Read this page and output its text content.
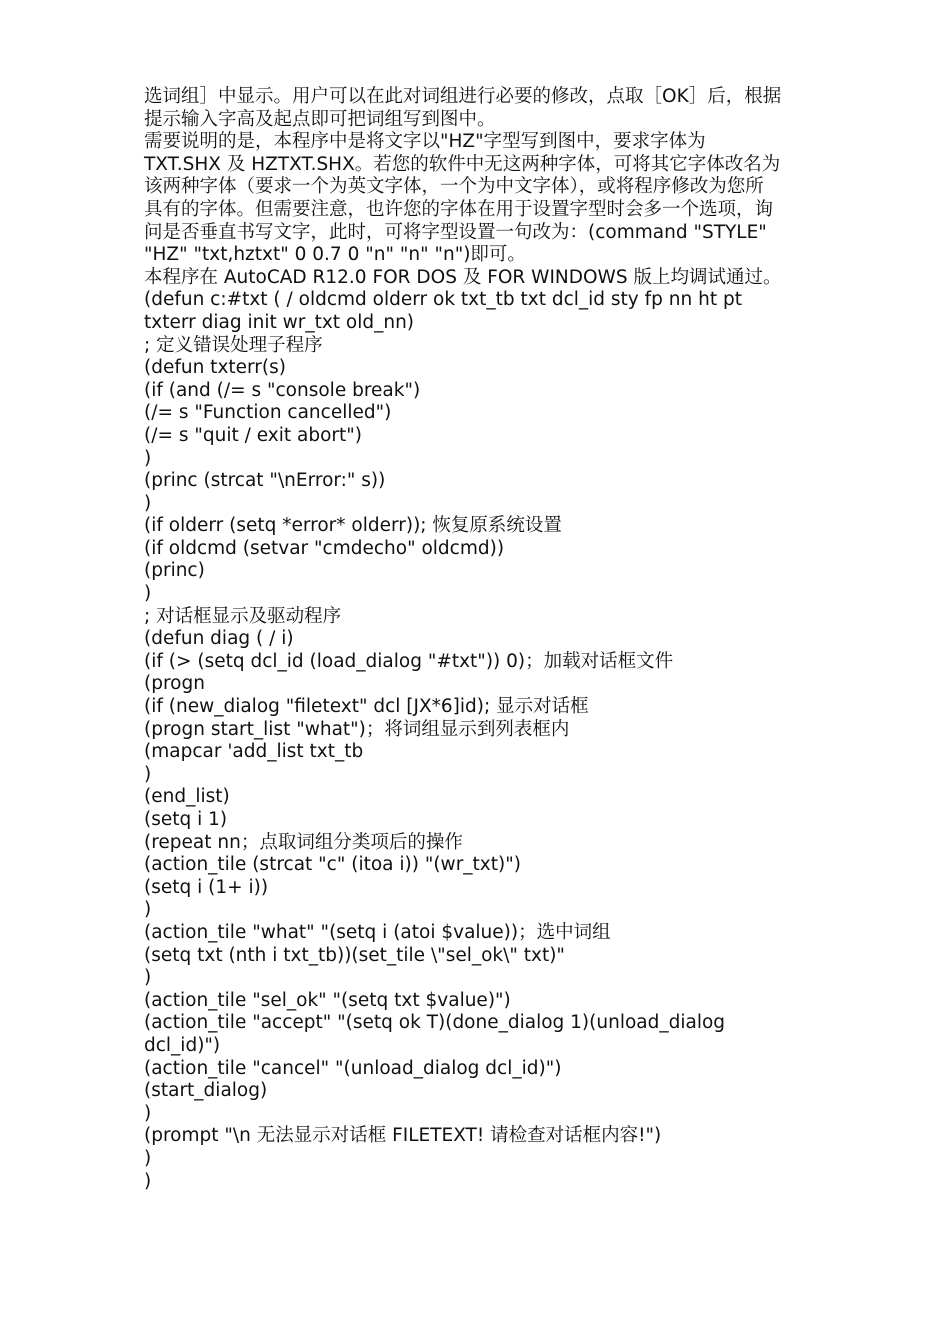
选词组］中显示。用户可以在此对词组进行必要的修改，点取［OK］后，根据
提示输入字高及起点即可把词组写到图中。
需要说明的是，本程序中是将文字以"HZ"字型写到图中，要求字体为
TXT.SHX 及 HZTXT.SHX。若您的软件中无这两种字体，可将其它字体改名为
该两种字体（要求一个为英文字体，一个为中文字体），或将程序修改为您所
具有的字体。但需要注意，也许您的字体在用于设置字型时会多一个选项，询
问是否垂直书写文字，此时，可将字型设置一句改为：(command "STYLE"
"HZ" "txt,hztxt" 0 0.7 0 "n" "n" "n")即可。
本程序在 AutoCAD R12.0 FOR DOS 及 FOR WINDOWS 版上均调试通过。
(defun c:#txt ( / oldcmd olderr ok txt_tb txt dcl_id sty fp nn ht pt
txterr diag init wr_txt old_nn)
; 定义错误处理子程序
(defun txterr(s)
(if (and (/= s "console break")
(/= s "Function cancelled")
(/= s "quit / exit abort")
)
(princ (strcat "\nError:" s))
)
(if olderr (setq *error* olderr)); 恢复原系统设置
(if oldcmd (setvar "cmdecho" oldcmd))
(princ)
)
; 对话框显示及驱动程序
(defun diag ( / i)
(if (> (setq dcl_id (load_dialog "#txt")) 0)；加载对话框文件
(progn
(if (new_dialog "filetext" dcl [JX*6]id); 显示对话框
(progn start_list "what")；将词组显示到列表框内
(mapcar 'add_list txt_tb
)
(end_list)
(setq i 1)
(repeat nn；点取词组分类项后的操作
(action_tile (strcat "c" (itoa i)) "(wr_txt)")
(setq i (1+ i))
)
(action_tile "what" "(setq i (atoi $value))；选中词组
(setq txt (nth i txt_tb))(set_tile \"sel_ok\" txt)"
)
(action_tile "sel_ok" "(setq txt $value)")
(action_tile "accept" "(setq ok T)(done_dialog 1)(unload_dialog
dcl_id)")
(action_tile "cancel" "(unload_dialog dcl_id)")
(start_dialog)
)
(prompt "\n 无法显示对话框 FILETEXT! 请检查对话框内容!")
)
)
